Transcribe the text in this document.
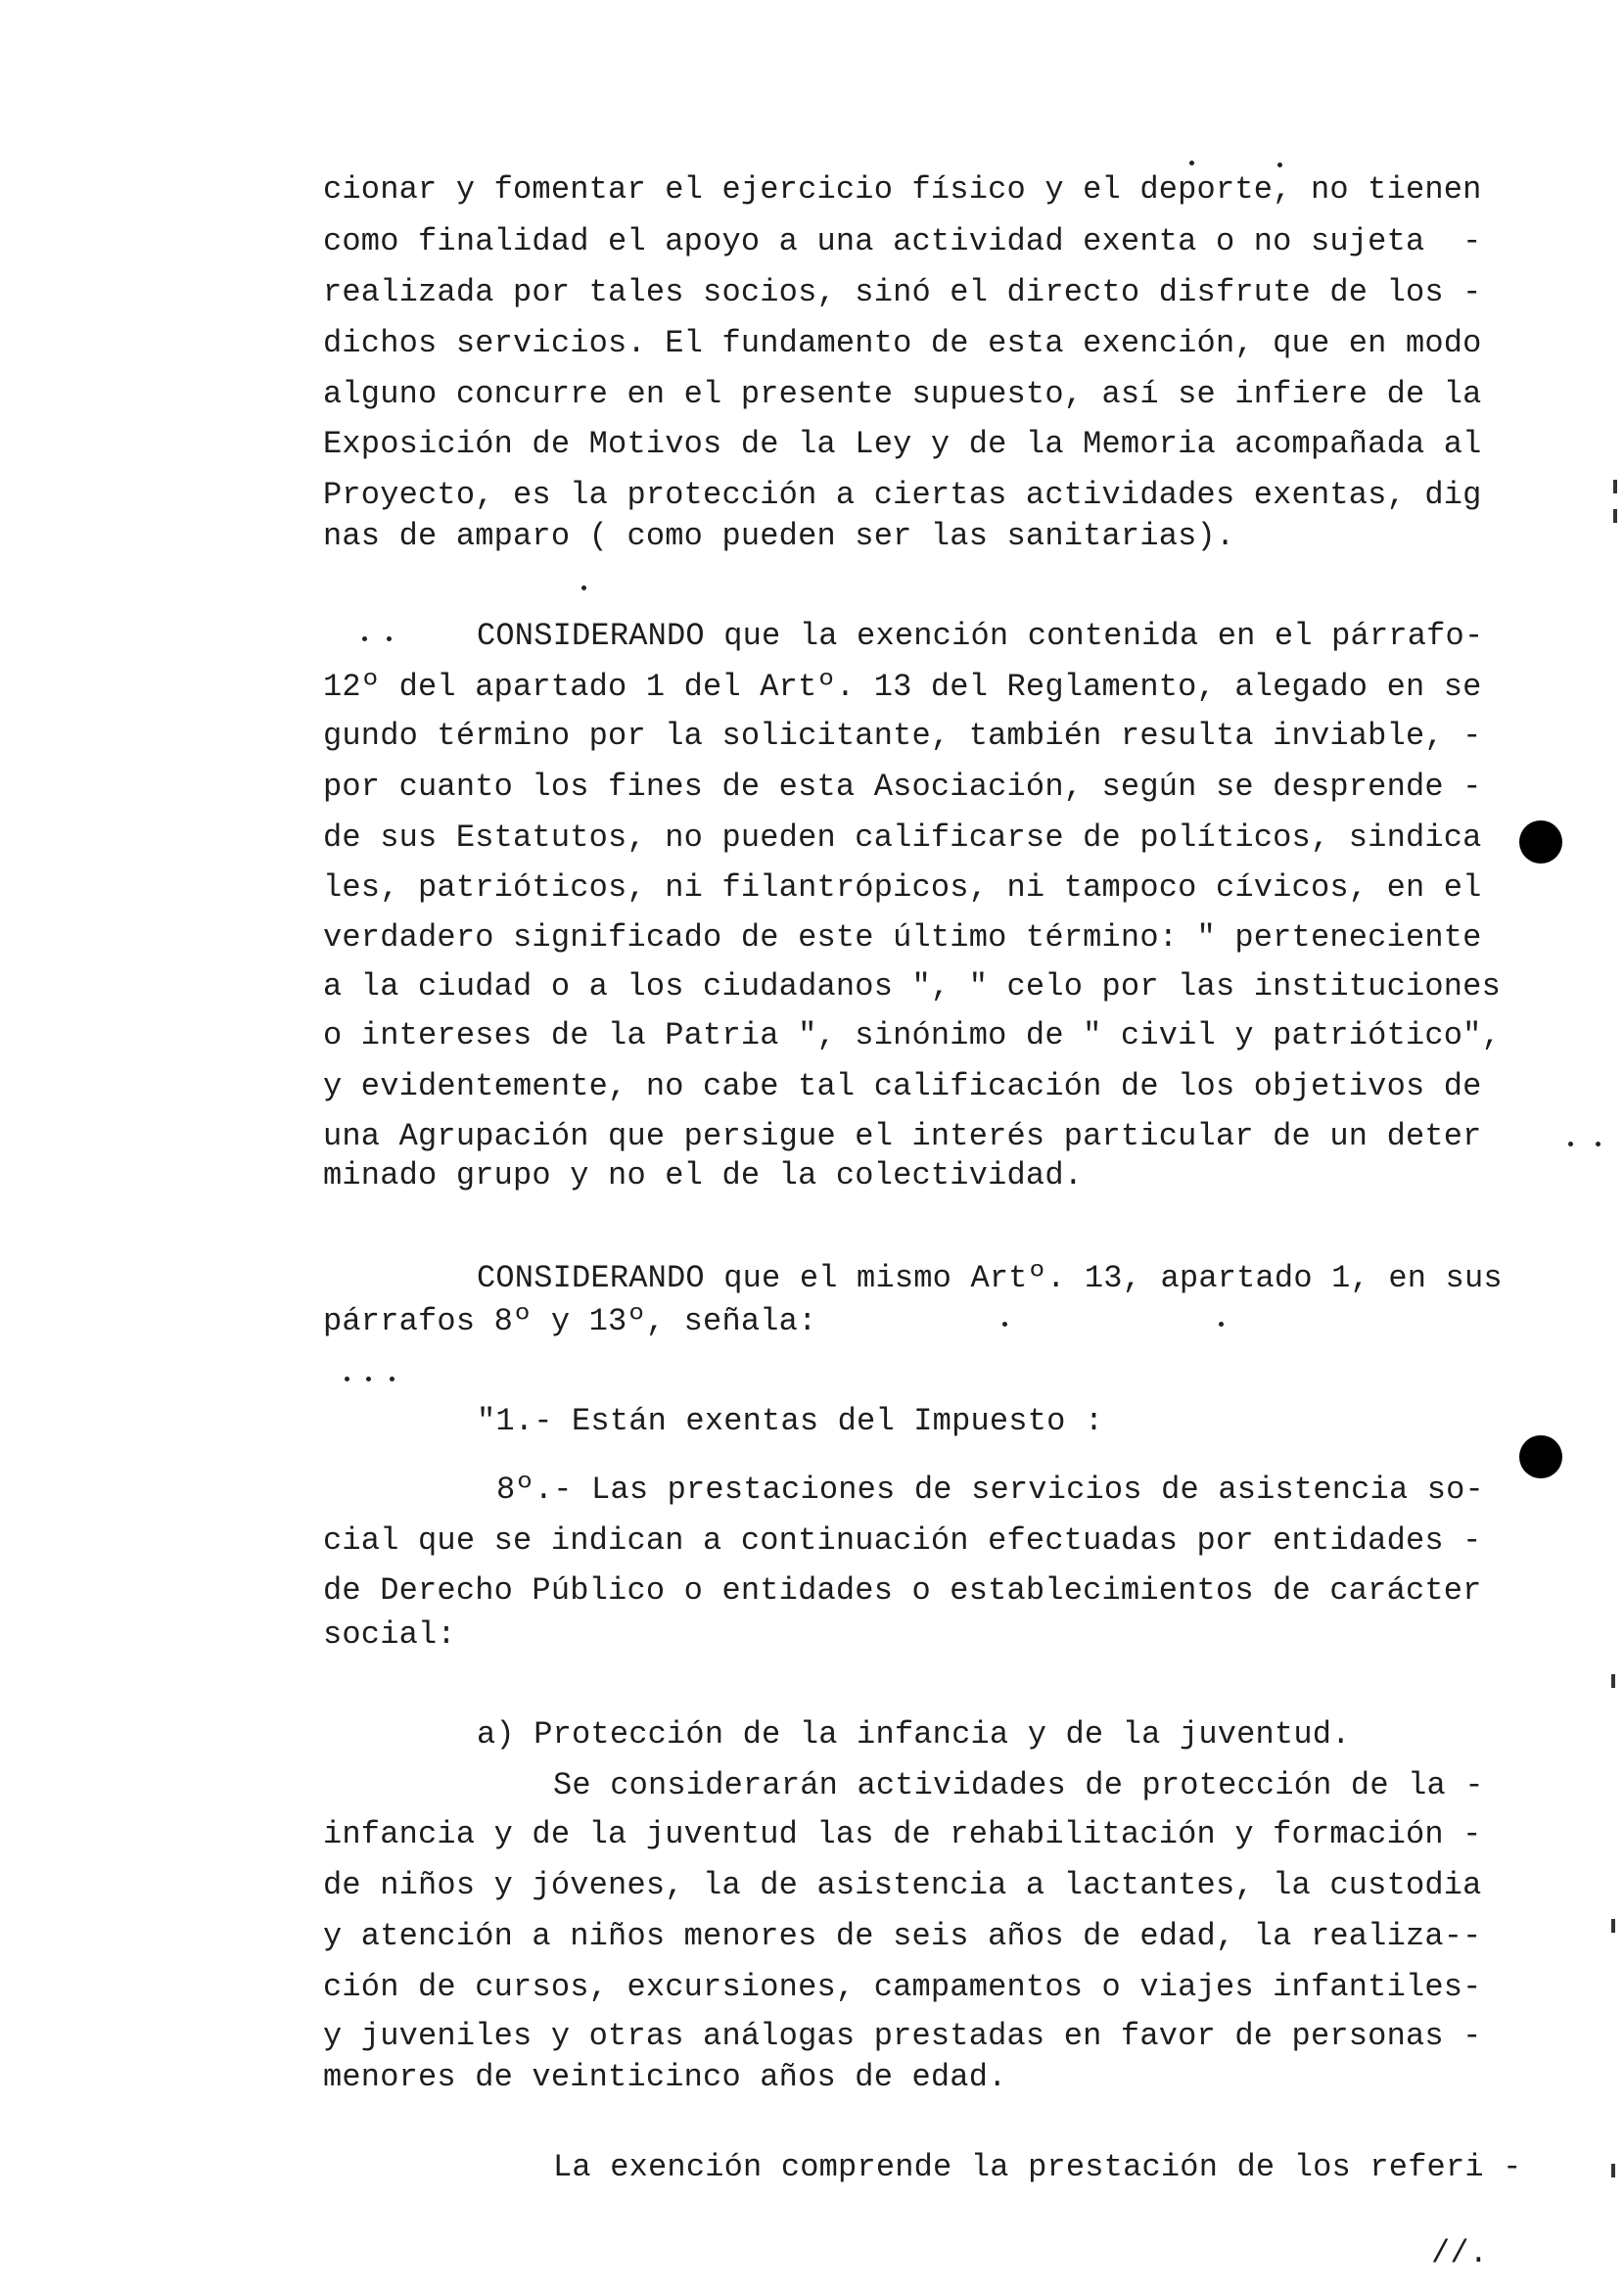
cionar y fomentar el ejercicio físico y el deporte, no tienen
como finalidad el apoyo a una actividad exenta o no sujeta  -
realizada por tales socios, sinó el directo disfrute de los -
dichos servicios. El fundamento de esta exención, que en modo
alguno concurre en el presente supuesto, así se infiere de la
Exposición de Motivos de la Ley y de la Memoria acompañada al
Proyecto, es la protección a ciertas actividades exentas, dig
nas de amparo ( como pueden ser las sanitarias).
CONSIDERANDO que la exención contenida en el párrafo-
12º del apartado 1 del Artº. 13 del Reglamento, alegado en se
gundo término por la solicitante, también resulta inviable, -
por cuanto los fines de esta Asociación, según se desprende -
de sus Estatutos, no pueden calificarse de políticos, sindica
les, patrióticos, ni filantrópicos, ni tampoco cívicos, en el
verdadero significado de este último término: " perteneciente
a la ciudad o a los ciudadanos ", " celo por las instituciones
o intereses de la Patria ", sinónimo de " civil y patriótico",
y evidentemente, no cabe tal calificación de los objetivos de
una Agrupación que persigue el interés particular de un deter
minado grupo y no el de la colectividad.
CONSIDERANDO que el mismo Artº. 13, apartado 1, en sus
párrafos 8º y 13º, señala:
"1.- Están exentas del Impuesto :
8º.- Las prestaciones de servicios de asistencia so-
cial que se indican a continuación efectuadas por entidades -
de Derecho Público o entidades o establecimientos de carácter
social:
a) Protección de la infancia y de la juventud.
Se considerarán actividades de protección de la -
infancia y de la juventud las de rehabilitación y formación -
de niños y jóvenes, la de asistencia a lactantes, la custodia
y atención a niños menores de seis años de edad, la realiza--
ción de cursos, excursiones, campamentos o viajes infantiles-
y juveniles y otras análogas prestadas en favor de personas -
menores de veinticinco años de edad.
La exención comprende la prestación de los referi -
//.
